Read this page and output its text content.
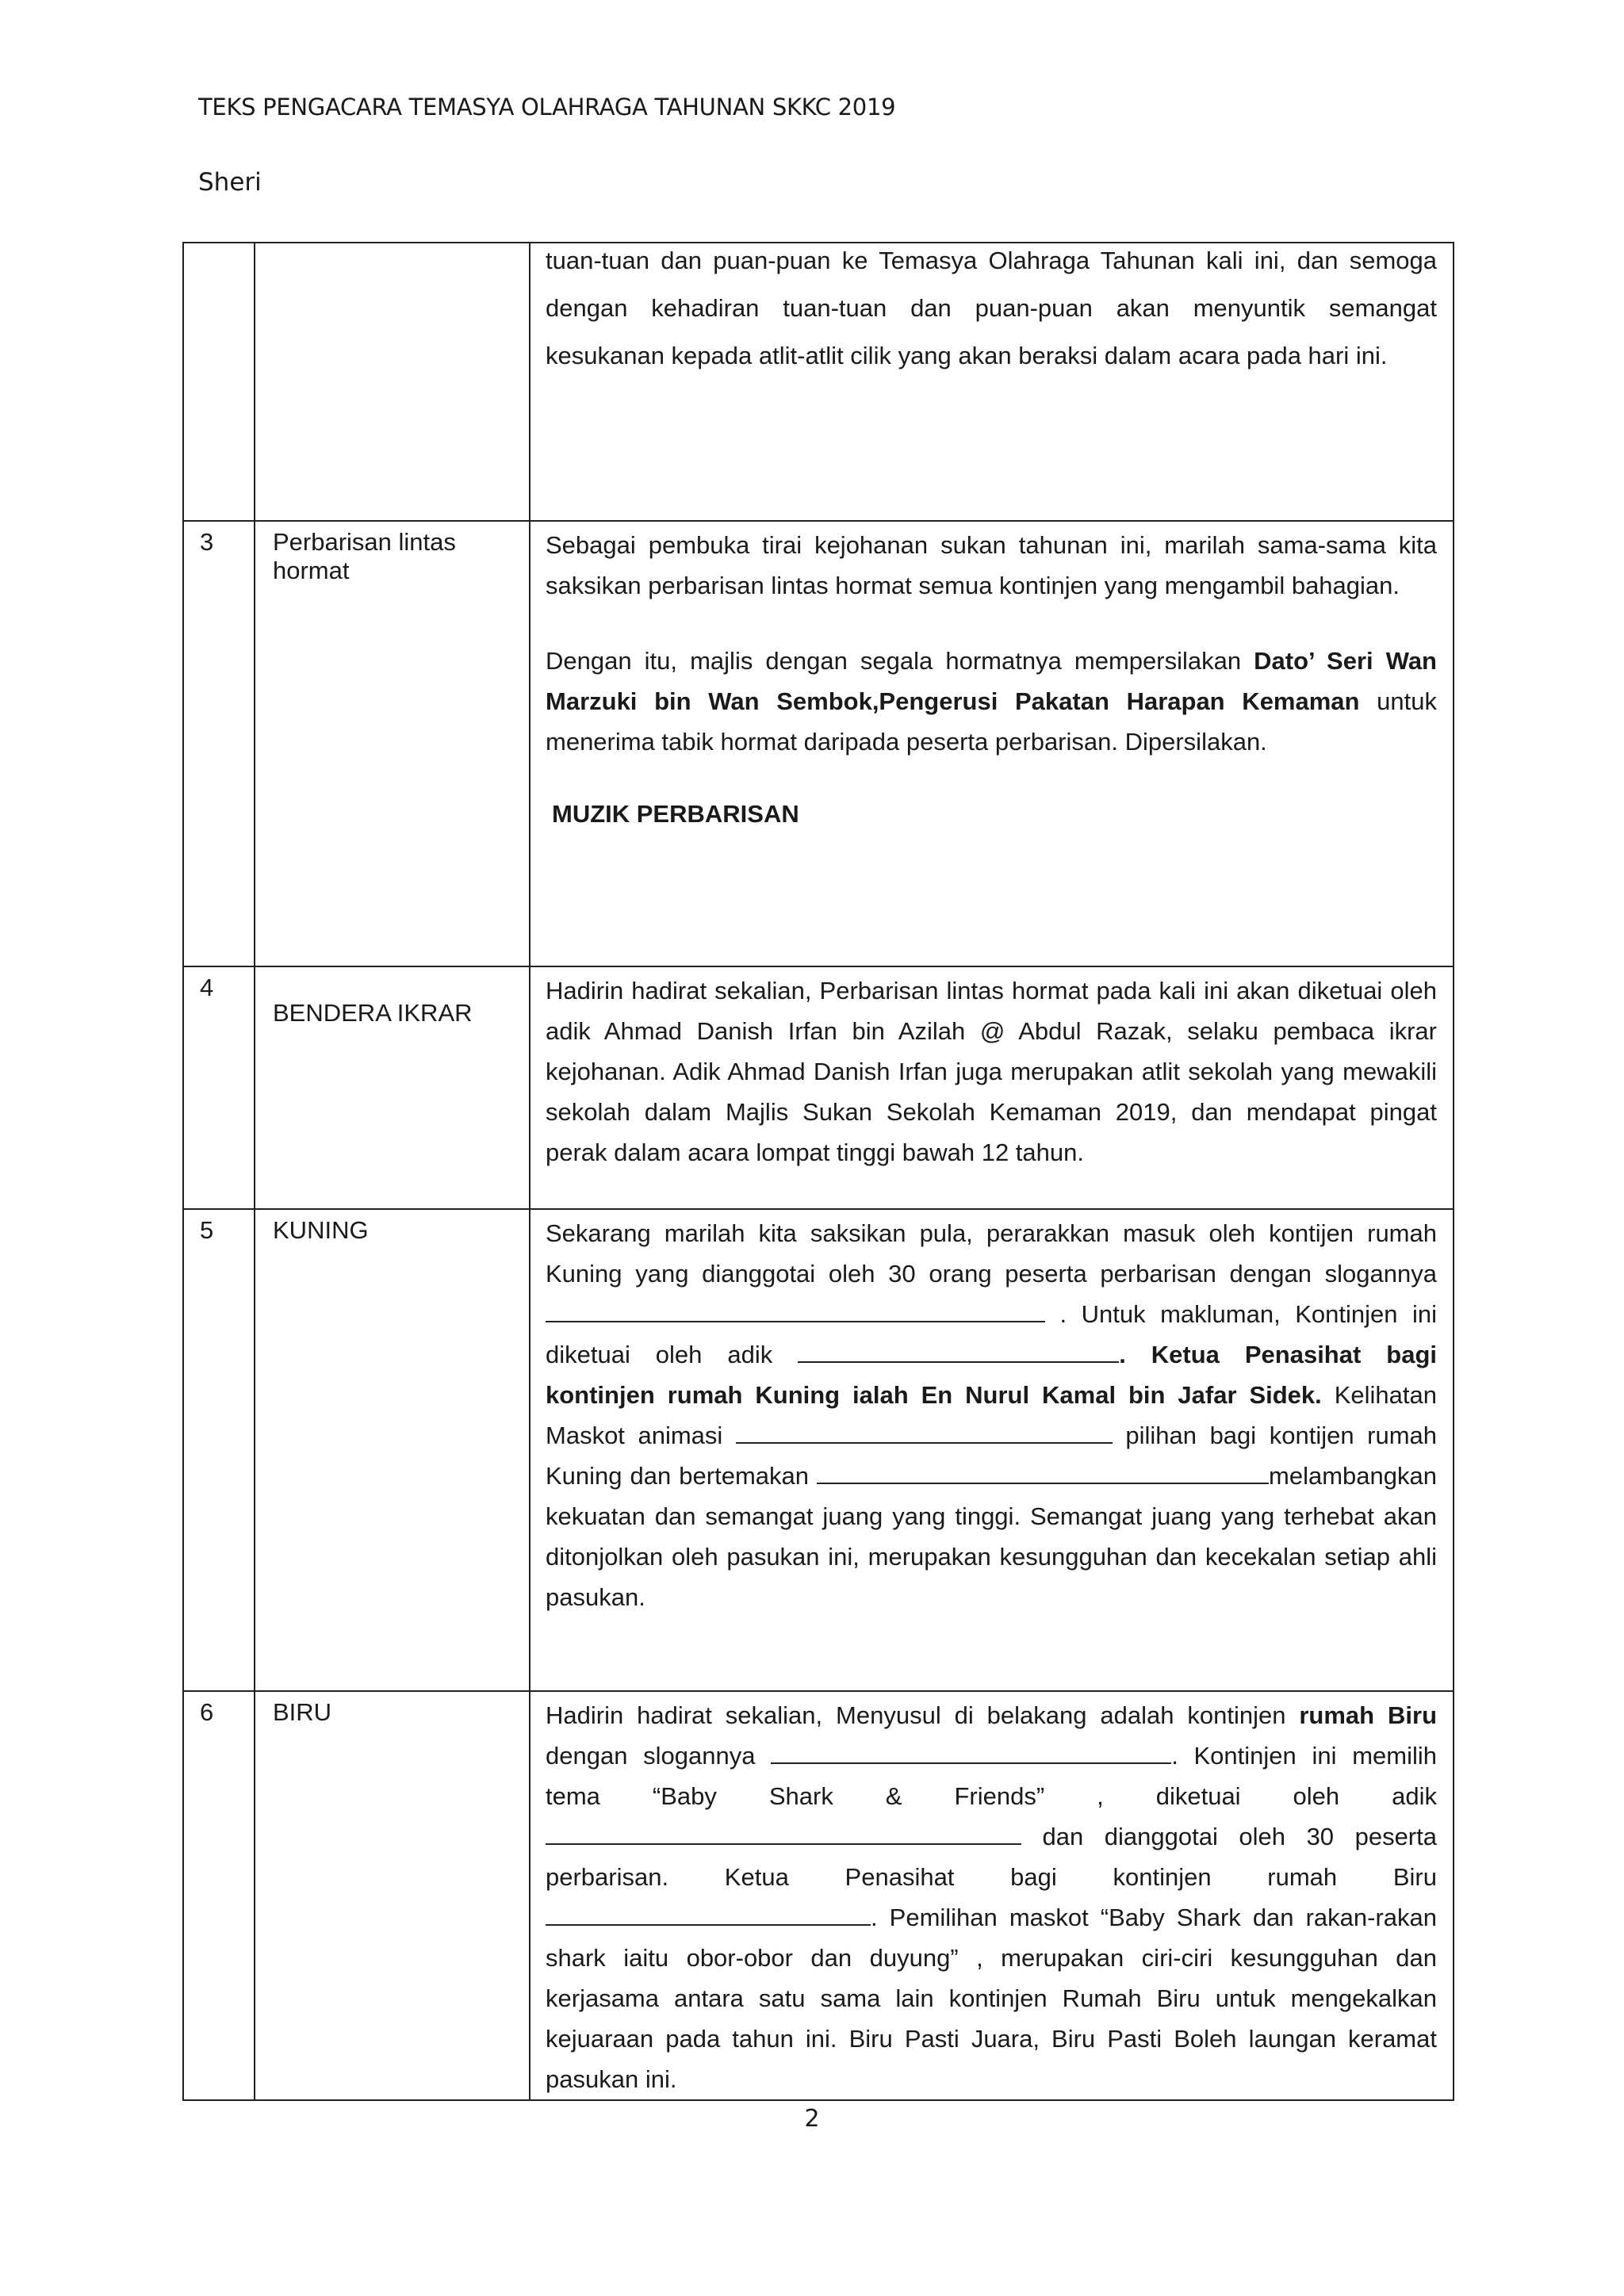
TEKS PENGACARA TEMASYA OLAHRAGA TAHUNAN SKKC 2019
Sheri

		tuan-tuan dan puan-puan ke Temasya Olahraga Tahunan kali ini, dan semoga dengan kehadiran tuan-tuan dan puan-puan akan menyuntik semangat kesukanan kepada atlit-atlit cilik yang akan beraksi dalam acara pada hari ini.

3	Perbarisan lintas hormat	Sebagai pembuka tirai kejohanan sukan tahunan ini, marilah sama-sama kita saksikan perbarisan lintas hormat semua kontinjen yang mengambil bahagian.

Dengan itu, majlis dengan segala hormatnya mempersilakan Dato’ Seri Wan Marzuki bin Wan Sembok,Pengerusi Pakatan Harapan Kemaman untuk menerima tabik hormat daripada peserta perbarisan. Dipersilakan.

MUZIK PERBARISAN

4	BENDERA IKRAR	Hadirin hadirat sekalian, Perbarisan lintas hormat pada kali ini akan diketuai oleh adik Ahmad Danish Irfan bin Azilah @ Abdul Razak, selaku pembaca ikrar kejohanan. Adik Ahmad Danish Irfan juga merupakan atlit sekolah yang mewakili sekolah dalam Majlis Sukan Sekolah Kemaman 2019, dan mendapat pingat perak dalam acara lompat tinggi bawah 12 tahun.

5	KUNING	Sekarang marilah kita saksikan pula, perarakkan masuk oleh kontijen rumah Kuning yang dianggotai oleh 30 orang peserta perbarisan dengan slogannya  . Untuk makluman, Kontinjen ini diketuai oleh adik . Ketua Penasihat bagi kontinjen rumah Kuning ialah En Nurul Kamal bin Jafar Sidek. Kelihatan Maskot animasi pilihan bagi kontijen rumah Kuning dan bertemakan melambangkan kekuatan dan semangat juang yang tinggi. Semangat juang yang terhebat akan ditonjolkan oleh pasukan ini, merupakan kesungguhan dan kecekalan setiap ahli pasukan.

6	BIRU	Hadirin hadirat sekalian, Menyusul di belakang adalah kontinjen rumah Biru dengan slogannya . Kontinjen ini memilih tema “Baby Shark & Friends” , diketuai oleh adik  dan dianggotai oleh 30 peserta perbarisan. Ketua Penasihat bagi kontinjen rumah Biru . Pemilihan maskot “Baby Shark dan rakan-rakan shark iaitu obor-obor dan duyung” , merupakan ciri-ciri kesungguhan dan kerjasama antara satu sama lain kontinjen Rumah Biru untuk mengekalkan kejuaraan pada tahun ini. Biru Pasti Juara, Biru Pasti Boleh laungan keramat pasukan ini.

2
